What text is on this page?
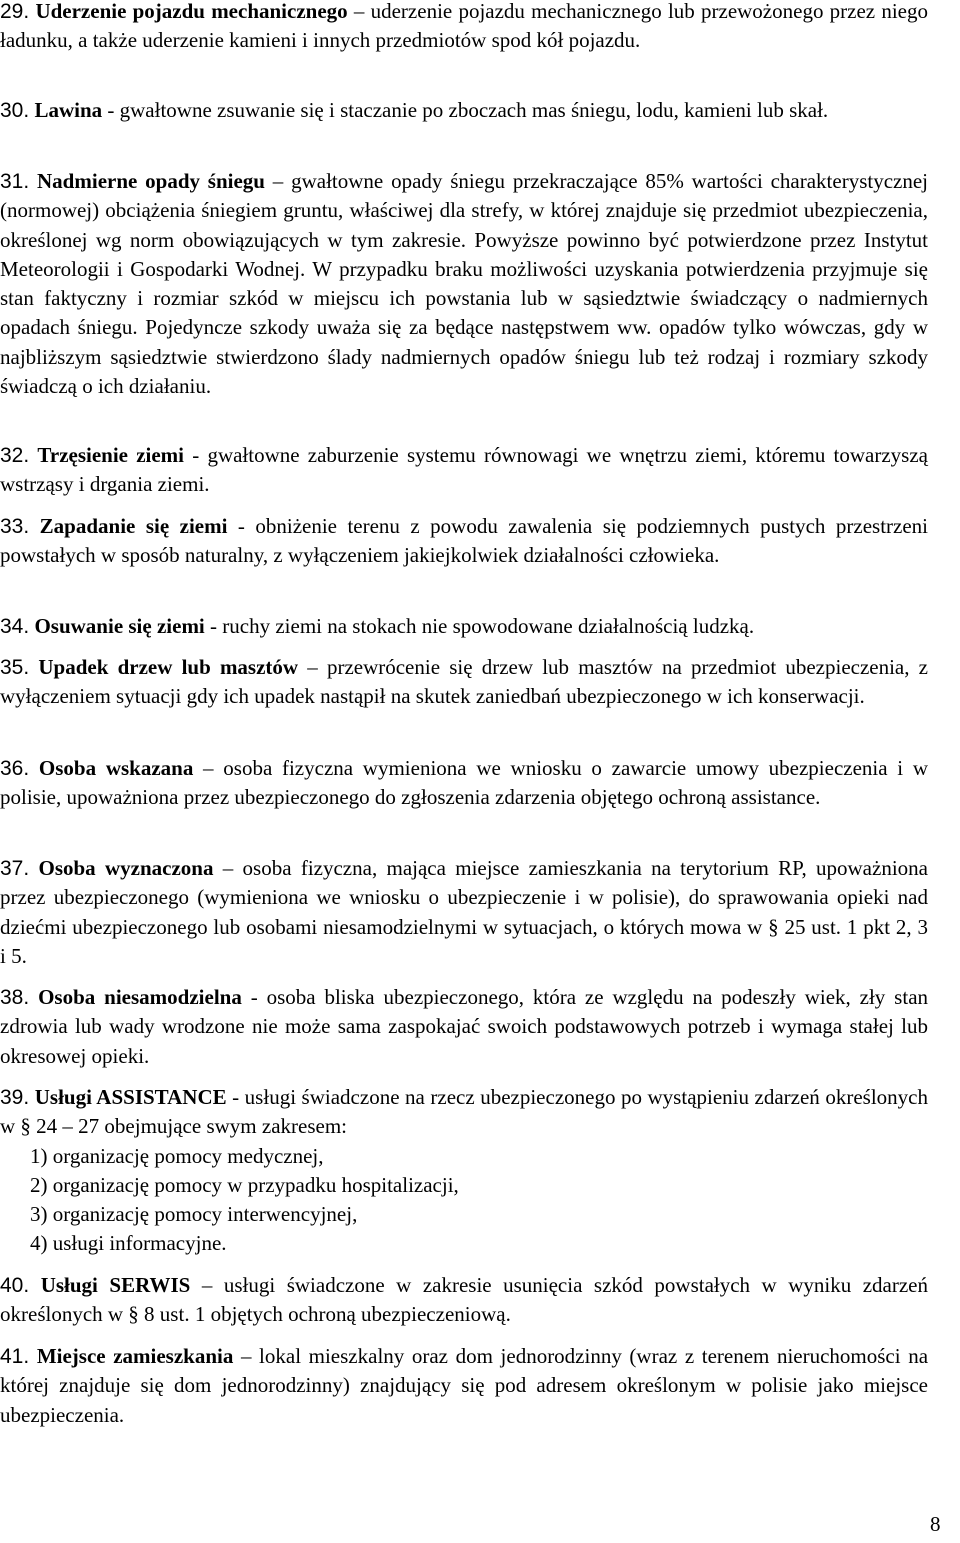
29. Uderzenie pojazdu mechanicznego – uderzenie pojazdu mechanicznego lub przewożonego przez niego ładunku, a także uderzenie kamieni i innych przedmiotów spod kół pojazdu.

30. Lawina - gwałtowne zsuwanie się i staczanie po zboczach mas śniegu, lodu, kamieni lub skał.

31. Nadmierne opady śniegu – gwałtowne opady śniegu przekraczające 85% wartości charakterystycznej (normowej) obciążenia śniegiem gruntu, właściwej dla strefy, w której znajduje się przedmiot ubezpieczenia, określonej wg norm obowiązujących w tym zakresie. Powyższe powinno być potwierdzone przez Instytut Meteorologii i Gospodarki Wodnej. W przypadku braku możliwości uzyskania potwierdzenia przyjmuje się stan faktyczny i rozmiar szkód w miejscu ich powstania lub w sąsiedztwie świadczący o nadmiernych opadach śniegu. Pojedyncze szkody uważa się za będące następstwem ww. opadów tylko wówczas, gdy w najbliższym sąsiedztwie stwierdzono ślady nadmiernych opadów śniegu lub też rodzaj i rozmiary szkody świadczą o ich działaniu.

32. Trzęsienie ziemi - gwałtowne zaburzenie systemu równowagi we wnętrzu ziemi, któremu towarzyszą wstrząsy i drgania ziemi.

33. Zapadanie się ziemi - obniżenie terenu z powodu zawalenia się podziemnych pustych przestrzeni powstałych w sposób naturalny, z wyłączeniem jakiejkolwiek działalności człowieka.

34. Osuwanie się ziemi - ruchy ziemi na stokach nie spowodowane działalnością ludzką.

35. Upadek drzew lub masztów – przewrócenie się drzew lub masztów na przedmiot ubezpieczenia, z wyłączeniem sytuacji gdy ich upadek nastąpił na skutek zaniedbań ubezpieczonego w ich konserwacji.

36. Osoba wskazana – osoba fizyczna wymieniona we wniosku o zawarcie umowy ubezpieczenia i w polisie, upoważniona przez ubezpieczonego do zgłoszenia zdarzenia objętego ochroną assistance.

37. Osoba wyznaczona – osoba fizyczna, mająca miejsce zamieszkania na terytorium RP, upoważniona przez ubezpieczonego (wymieniona we wniosku o ubezpieczenie i w polisie), do sprawowania opieki nad dziećmi ubezpieczonego lub osobami niesamodzielnymi w sytuacjach, o których mowa w § 25 ust. 1 pkt 2, 3 i 5.

38. Osoba niesamodzielna - osoba bliska ubezpieczonego, która ze względu na podeszły wiek, zły stan zdrowia lub wady wrodzone nie może sama zaspokajać swoich podstawowych potrzeb i wymaga stałej lub okresowej opieki.

39. Usługi ASSISTANCE - usługi świadczone na rzecz ubezpieczonego po wystąpieniu zdarzeń określonych w § 24 – 27 obejmujące swym zakresem:
1) organizację pomocy medycznej,
2) organizację pomocy w przypadku hospitalizacji,
3) organizację pomocy interwencyjnej,
4) usługi informacyjne.

40. Usługi SERWIS – usługi świadczone w zakresie usunięcia szkód powstałych w wyniku zdarzeń określonych w § 8 ust. 1 objętych ochroną ubezpieczeniową.

41. Miejsce zamieszkania – lokal mieszkalny oraz dom jednorodzinny (wraz z terenem nieruchomości na której znajduje się dom jednorodzinny) znajdujący się pod adresem określonym w polisie jako miejsce ubezpieczenia.

8
